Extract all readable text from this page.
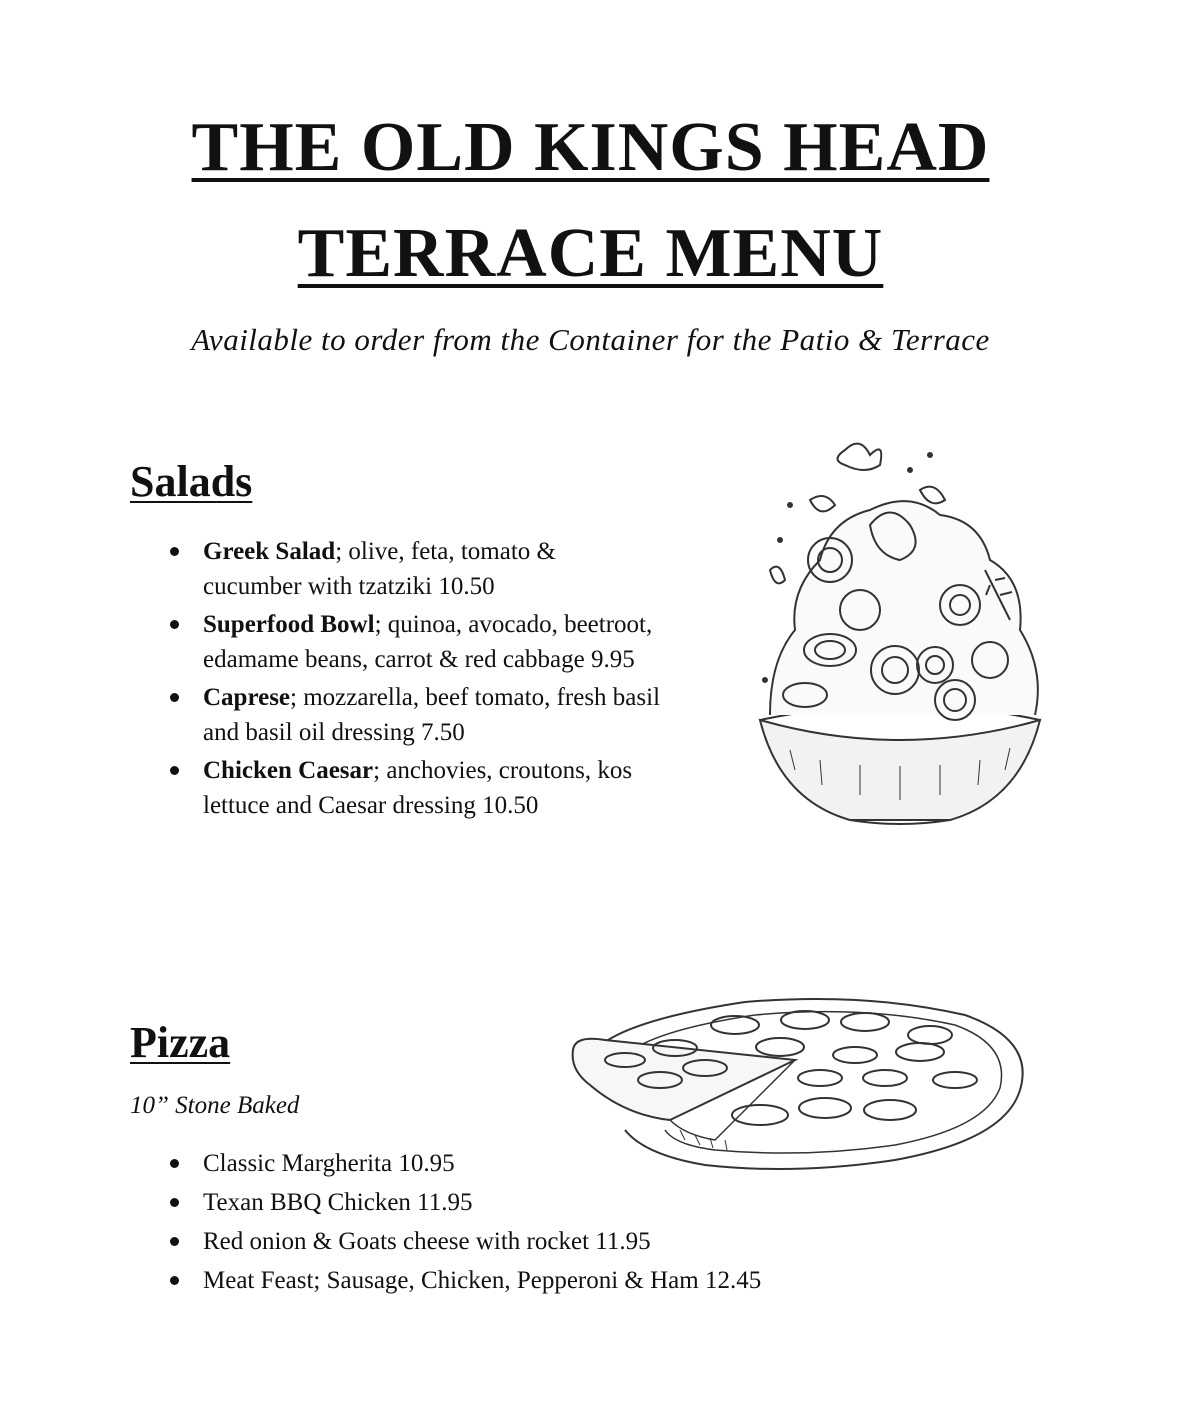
THE OLD KINGS HEAD
TERRACE MENU
Available to order from the Container for the Patio & Terrace
Salads
Greek Salad; olive, feta, tomato & cucumber with tzatziki 10.50
Superfood Bowl; quinoa, avocado, beetroot, edamame beans, carrot & red cabbage 9.95
Caprese; mozzarella, beef tomato, fresh basil and basil oil dressing 7.50
Chicken Caesar; anchovies, croutons, kos lettuce and Caesar dressing 10.50
Pizza
10” Stone Baked
Classic Margherita 10.95
Texan BBQ Chicken 11.95
Red onion & Goats cheese with rocket 11.95
Meat Feast; Sausage, Chicken, Pepperoni & Ham 12.45
